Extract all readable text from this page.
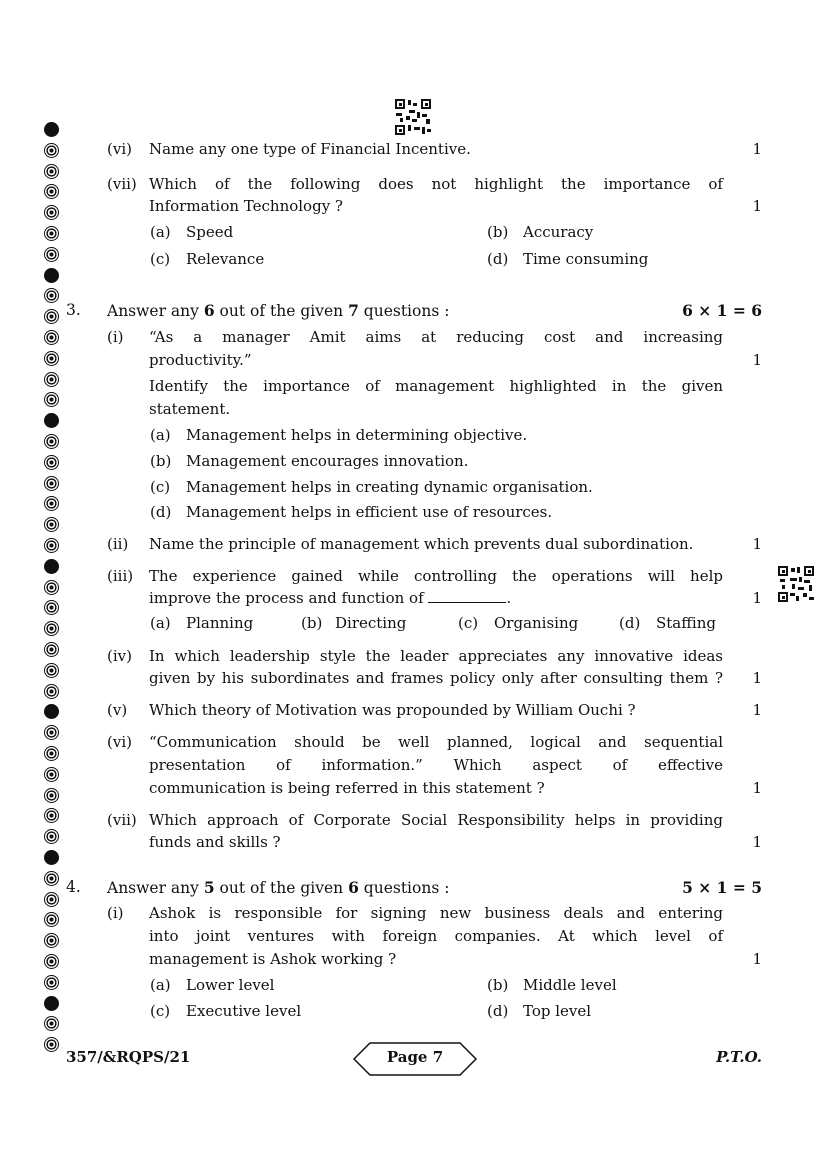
(vi) Name any one type of Financial Incentive.	1
(vii) Which of the following does not highlight the importance of
Information Technology ?	1
(a) Speed	(b) Accuracy
(c) Relevance	(d) Time consuming
3. Answer any 6 out of the given 7 questions :	6 × 1 = 6
(i) “As a manager Amit aims at reducing cost and increasing
productivity.”	1
Identify the importance of management highlighted in the given
statement.
(a) Management helps in determining objective.
(b) Management encourages innovation.
(c) Management helps in creating dynamic organisation.
(d) Management helps in efficient use of resources.
(ii) Name the principle of management which prevents dual subordination.	1
(iii) The experience gained while controlling the operations will help
improve the process and function of	.	1
(a) Planning	(b) Directing	(c) Organising	(d) Staffing
(iv) In which leadership style the leader appreciates any innovative ideas
given by his subordinates and frames policy only after consulting them ? 1
(v) Which theory of Motivation was propounded by William Ouchi ?	1
(vi) “Communication should be well planned, logical and sequential
presentation of information.” Which aspect of effective
communication is being referred in this statement ?	1
(vii) Which approach of Corporate Social Responsibility helps in providing
funds and skills ?	1
4. Answer any 5 out of the given 6 questions :	5 × 1 = 5
(i) Ashok is responsible for signing new business deals and entering
into joint ventures with foreign companies. At which level of
management is Ashok working ?	1
(a) Lower level	(b) Middle level
(c) Executive level	(d) Top level
357/&RQPS/21	Page 7	P.T.O.
